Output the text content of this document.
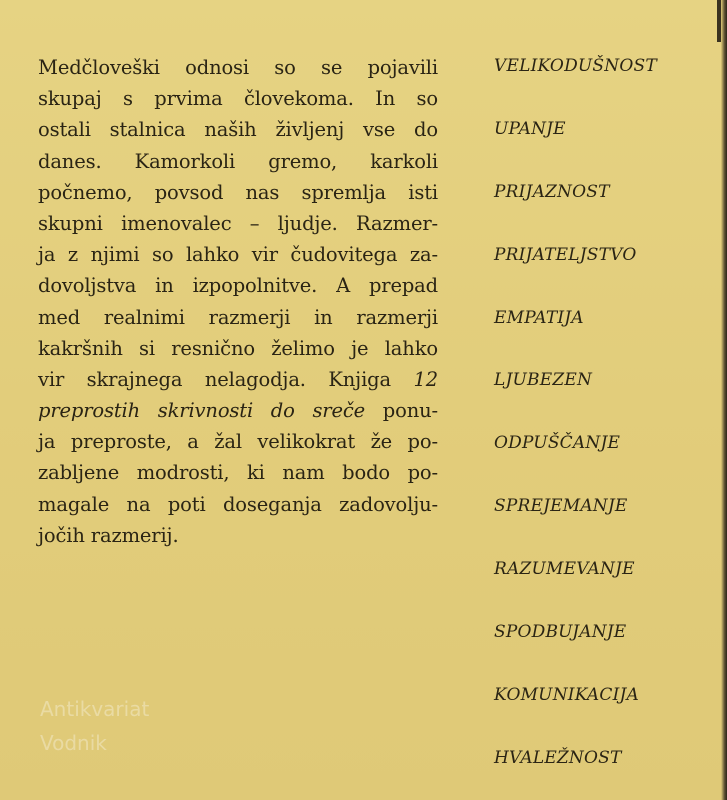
Medčloveški odnosi so se pojavili
skupaj s prvima človekoma. In so
ostali stalnica naših življenj vse do
danes. Kamorkoli gremo, karkoli
počnemo, povsod nas spremlja isti
skupni imenovalec – ljudje. Razmer-
ja z njimi so lahko vir čudovitega za-
dovoljstva in izpopolnitve. A prepad
med realnimi razmerji in razmerji
kakršnih si resnično želimo je lahko
vir skrajnega nelagodja. Knjiga 12
preprostih skrivnosti do sreče ponu-
ja preproste, a žal velikokrat že po-
zabljene modrosti, ki nam bodo po-
magale na poti doseganja zadovolju-
jočih razmerij.
VELIKODUŠNOST
UPANJE
PRIJAZNOST
PRIJATELJSTVO
EMPATIJA
LJUBEZEN
ODPUŠČANJE
SPREJEMANJE
RAZUMEVANJE
SPODBUJANJE
KOMUNIKACIJA
HVALEŽNOST
Antikvariat
Vodnik
